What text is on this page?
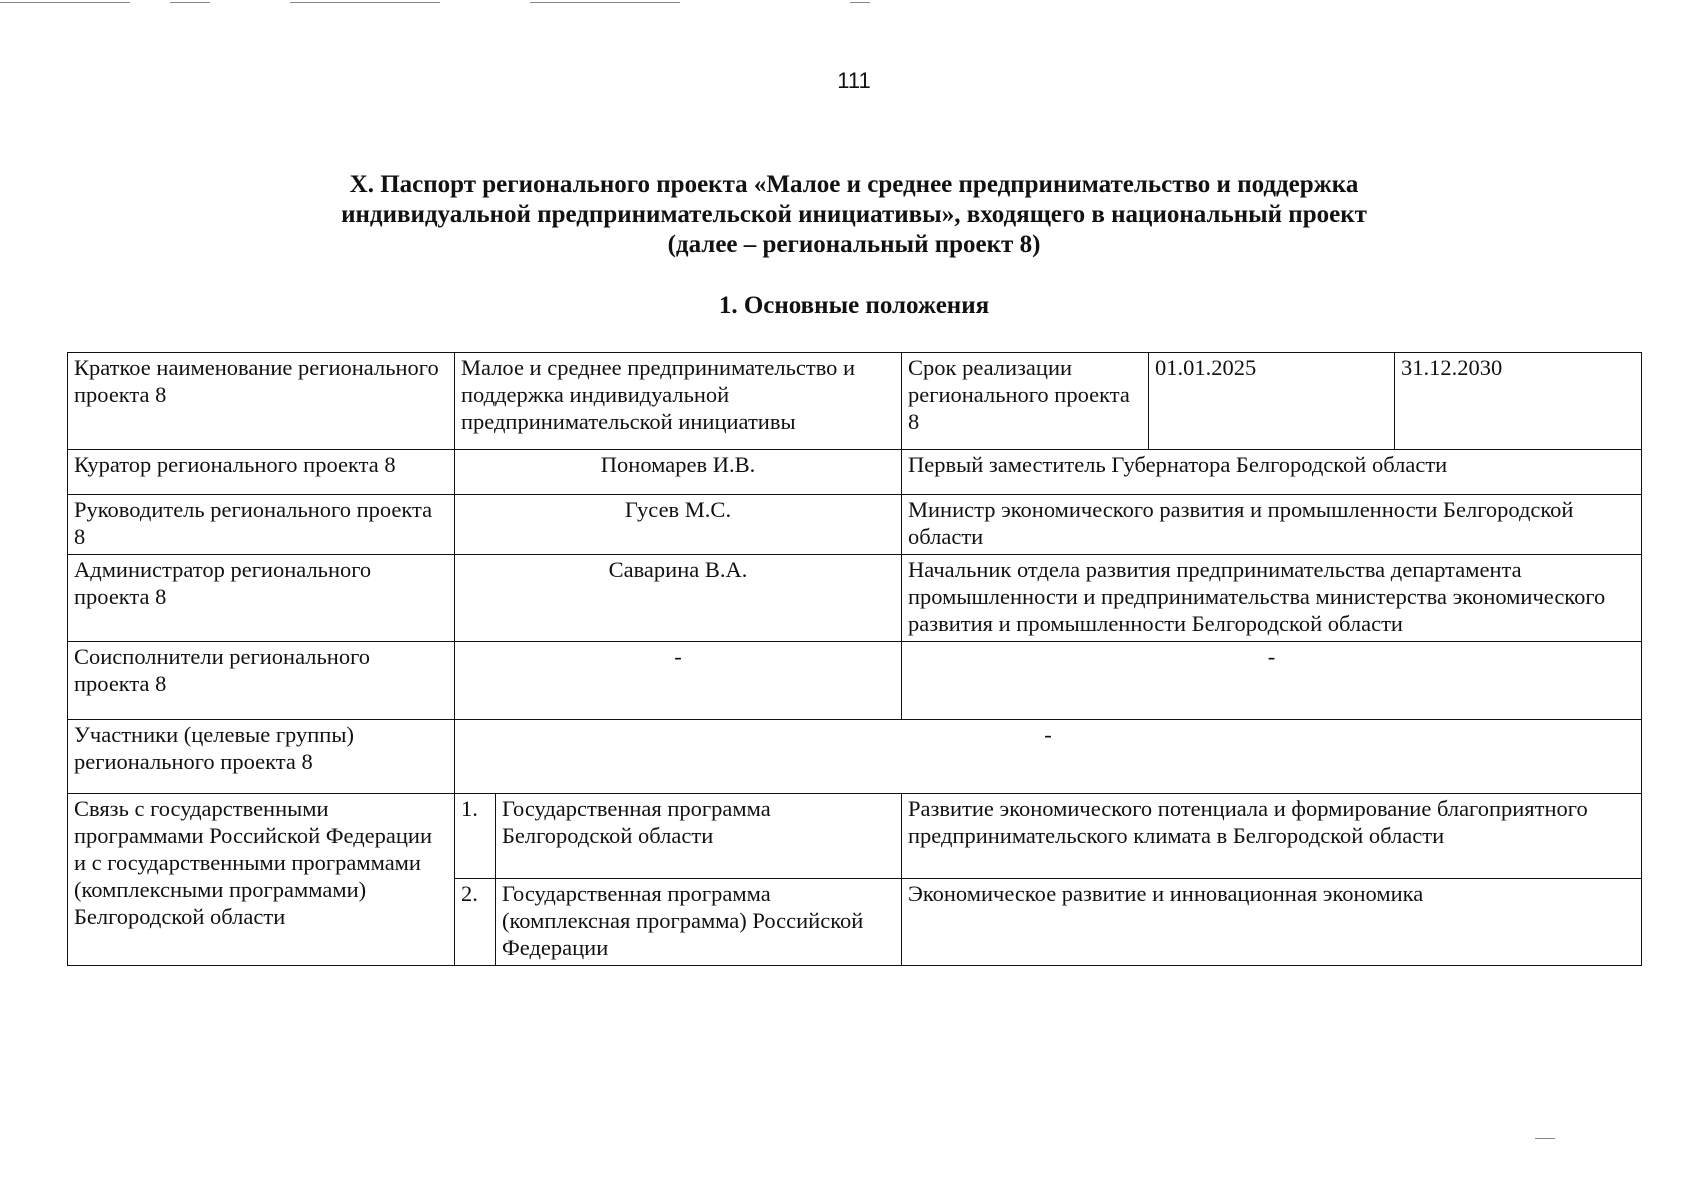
111
X. Паспорт регионального проекта «Малое и среднее предпринимательство и поддержка
индивидуальной предпринимательской инициативы», входящего в национальный проект
(далее – региональный проект 8)
1. Основные положения
Краткое наименование регионального проекта 8	Малое и среднее предпринимательство и поддержка индивидуальной предпринимательской инициативы		Срок реализации регионального проекта 8	01.01.2025	31.12.2030
Куратор регионального проекта 8	Пономарев И.В.		Первый заместитель Губернатора Белгородской области		
Руководитель регионального проекта 8	Гусев М.С.		Министр экономического развития и промышленности Белгородской области		
Администратор регионального проекта 8	Саварина В.А.		Начальник отдела развития предпринимательства департамента промышленности и предпринимательства министерства экономического развития и промышленности Белгородской области		
Соисполнители регионального проекта 8	-		-		
Участники (целевые группы) регионального проекта 8	-				
Связь с государственными программами Российской Федерации и с государственными программами (комплексными программами) Белгородской области	1.	Государственная программа Белгородской области	Развитие экономического потенциала и формирование благоприятного предпринимательского климата в Белгородской области		
	2.	Государственная программа (комплексная программа) Российской Федерации	Экономическое развитие и инновационная экономика		
